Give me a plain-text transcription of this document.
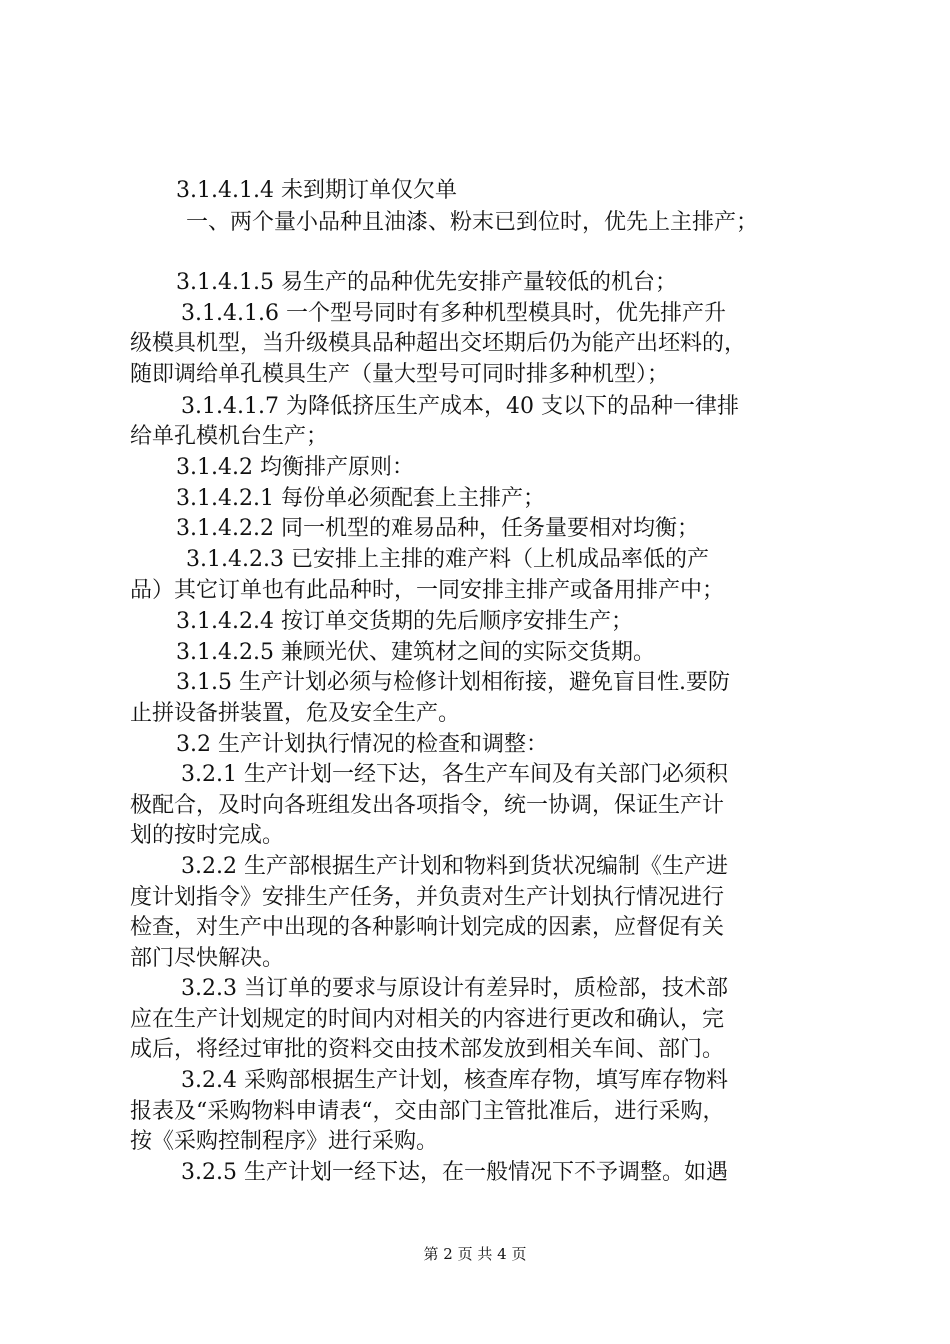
3.1.4.1.4 未到期订单仅欠单
一、两个量小品种且油漆、粉末已到位时，优先上主排产；
3.1.4.1.5 易生产的品种优先安排产量较低的机台；
3.1.4.1.6 一个型号同时有多种机型模具时，优先排产升
级模具机型，当升级模具品种超出交坯期后仍为能产出坯料的，
随即调给单孔模具生产（量大型号可同时排多种机型）；
3.1.4.1.7 为降低挤压生产成本，40 支以下的品种一律排
给单孔模机台生产；
3.1.4.2 均衡排产原则：
3.1.4.2.1 每份单必须配套上主排产；
3.1.4.2.2 同一机型的难易品种，任务量要相对均衡；
3.1.4.2.3 已安排上主排的难产料（上机成品率低的产
品）其它订单也有此品种时，一同安排主排产或备用排产中；
3.1.4.2.4 按订单交货期的先后顺序安排生产；
3.1.4.2.5 兼顾光伏、建筑材之间的实际交货期。
3.1.5 生产计划必须与检修计划相衔接，避免盲目性.要防
止拼设备拼装置，危及安全生产。
3.2 生产计划执行情况的检查和调整：
3.2.1 生产计划一经下达，各生产车间及有关部门必须积
极配合，及时向各班组发出各项指令，统一协调，保证生产计
划的按时完成。
3.2.2 生产部根据生产计划和物料到货状况编制《生产进
度计划指令》安排生产任务，并负责对生产计划执行情况进行
检查，对生产中出现的各种影响计划完成的因素，应督促有关
部门尽快解决。
3.2.3 当订单的要求与原设计有差异时，质检部，技术部
应在生产计划规定的时间内对相关的内容进行更改和确认，完
成后，将经过审批的资料交由技术部发放到相关车间、部门。
3.2.4 采购部根据生产计划，核查库存物，填写库存物料
报表及“采购物料申请表“，交由部门主管批准后，进行采购，
按《采购控制程序》进行采购。
3.2.5 生产计划一经下达，在一般情况下不予调整。如遇
第 2 页 共 4 页
